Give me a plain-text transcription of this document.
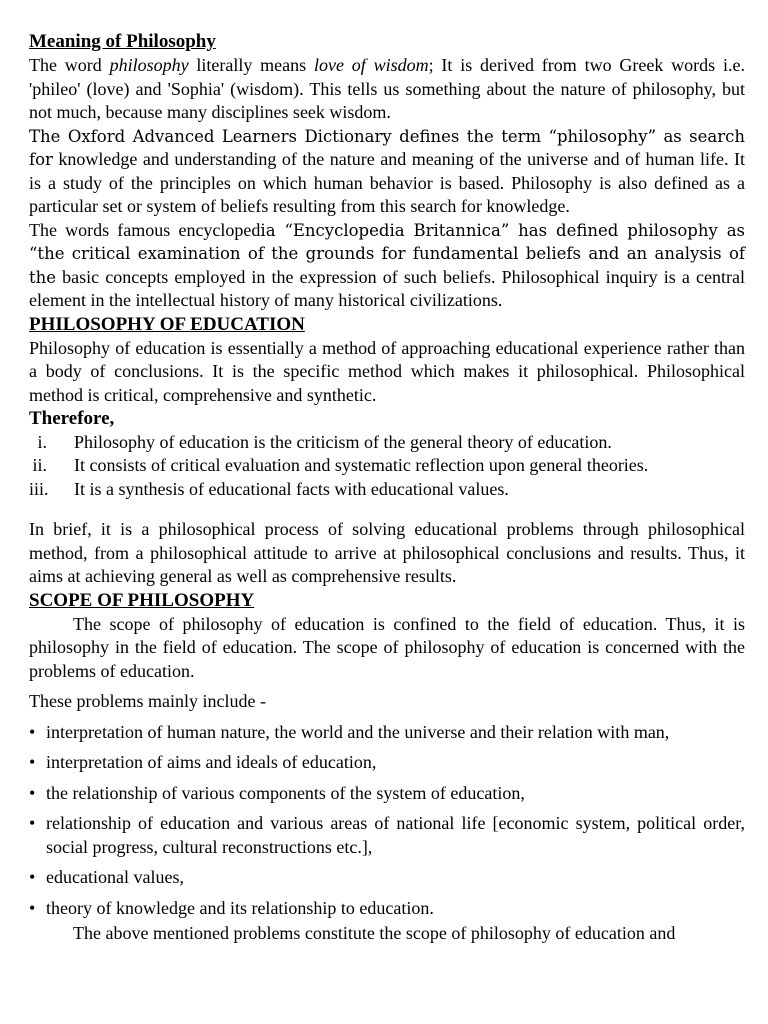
Meaning of Philosophy

The word philosophy literally means love of wisdom; It is derived from two Greek words i.e. 'phileo' (love) and 'Sophia' (wisdom). This tells us something about the nature of philosophy, but not much, because many disciplines seek wisdom.

The Oxford Advanced Learners Dictionary defines the term “philosophy” as search for knowledge and understanding of the nature and meaning of the universe and of human life. It is a study of the principles on which human behavior is based. Philosophy is also defined as a particular set or system of beliefs resulting from this search for knowledge.

The words famous encyclopedia “Encyclopedia Britannica” has defined philosophy as “the critical examination of the grounds for fundamental beliefs and an analysis of the basic concepts employed in the expression of such beliefs. Philosophical inquiry is a central element in the intellectual history of many historical civilizations.

PHILOSOPHY OF EDUCATION

Philosophy of education is essentially a method of approaching educational experience rather than a body of conclusions. It is the specific method which makes it philosophical. Philosophical method is critical, comprehensive and synthetic.

Therefore,
i. Philosophy of education is the criticism of the general theory of education.
ii. It consists of critical evaluation and systematic reflection upon general theories.
iii. It is a synthesis of educational facts with educational values.

In brief, it is a philosophical process of solving educational problems through philosophical method, from a philosophical attitude to arrive at philosophical conclusions and results. Thus, it aims at achieving general as well as comprehensive results.

SCOPE OF PHILOSOPHY

The scope of philosophy of education is confined to the field of education. Thus, it is philosophy in the field of education. The scope of philosophy of education is concerned with the problems of education.

These problems mainly include -

• interpretation of human nature, the world and the universe and their relation with man,
• interpretation of aims and ideals of education,
• the relationship of various components of the system of education,
• relationship of education and various areas of national life [economic system, political order, social progress, cultural reconstructions etc.],
• educational values,
• theory of knowledge and its relationship to education.

The above mentioned problems constitute the scope of philosophy of education and
